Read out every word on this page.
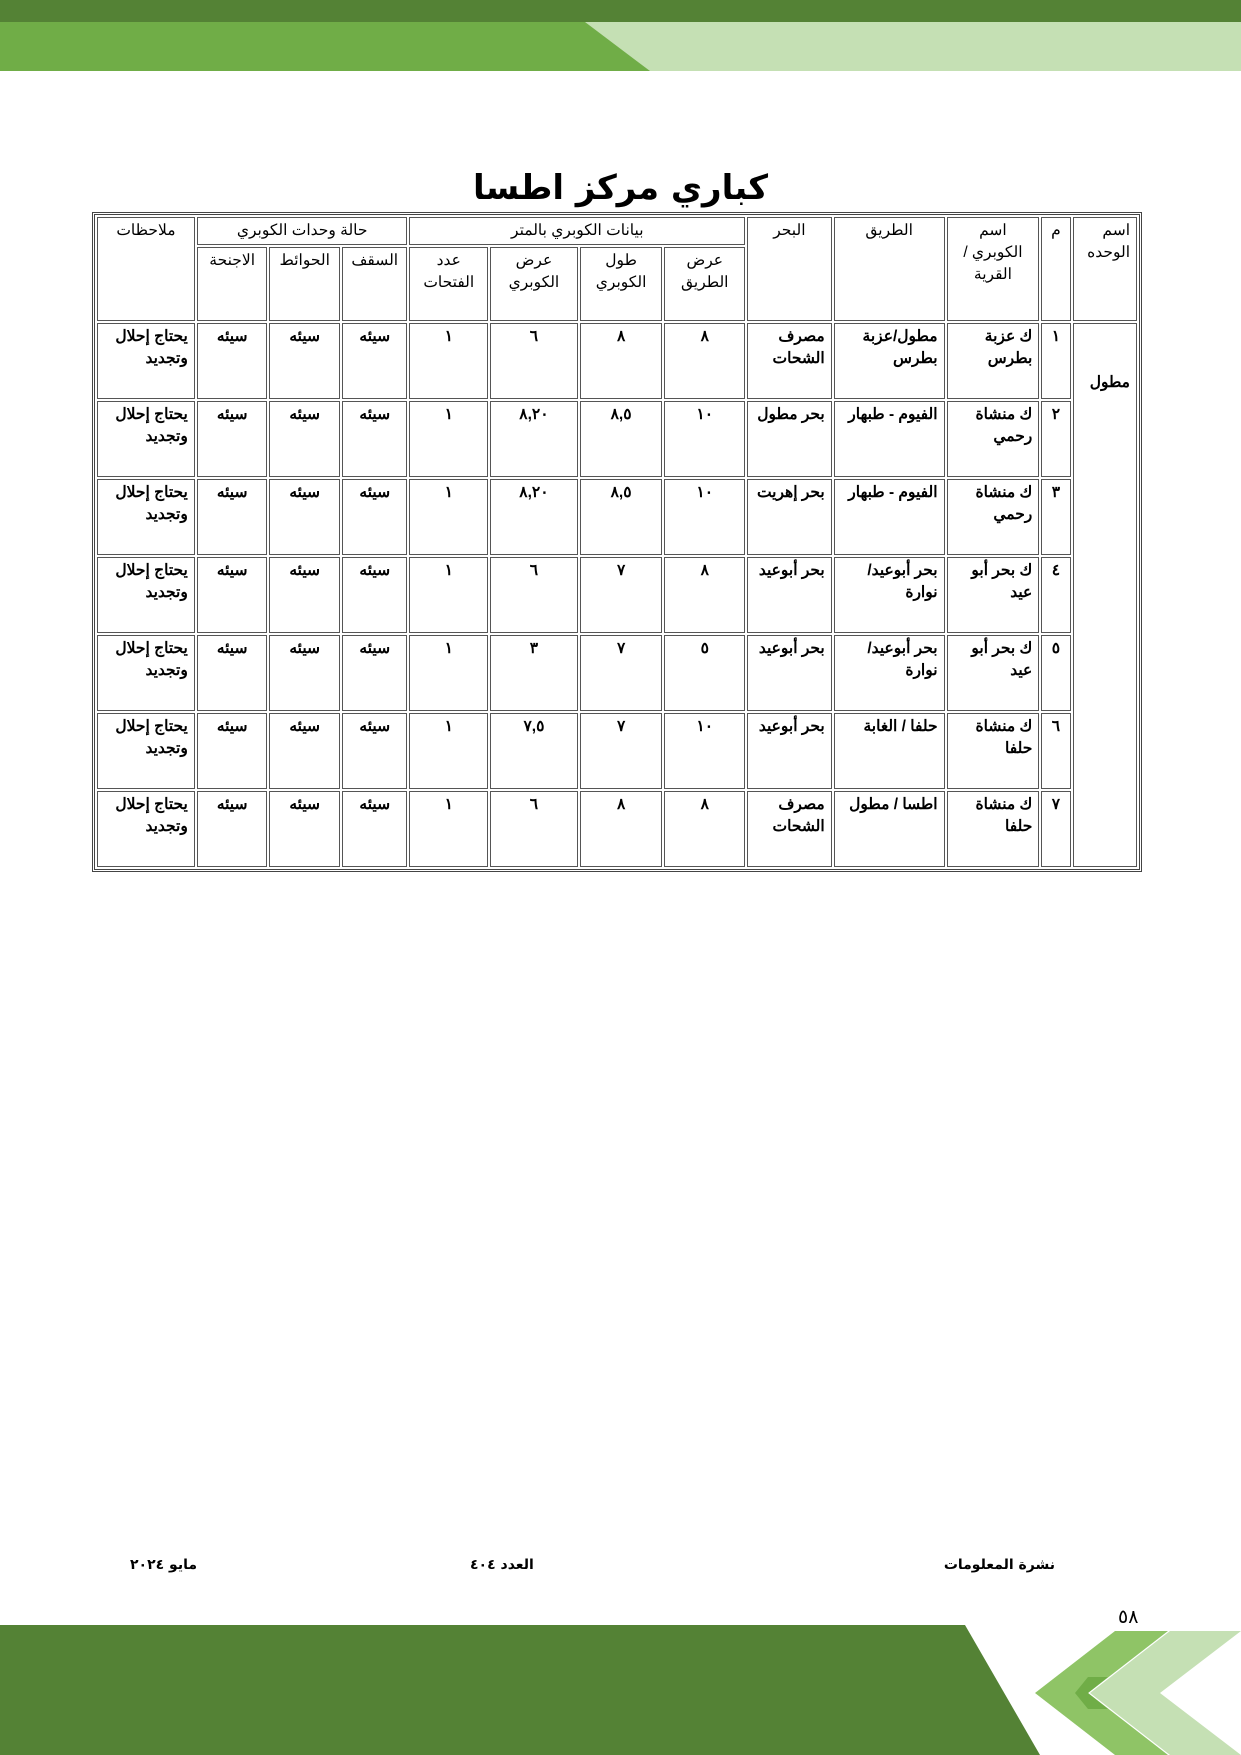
كباري مركز اطسا
اسم الوحده	م	اسم الكوبري /القرية	الطريق	البحر	بيانات الكوبري بالمتر				حالة وحدات الكوبري			ملاحظات
					عرض الطريق	طول الكوبري	عرض الكوبري	عدد الفتحات	السقف	الحوائط	الاجنحة	
مطول	١	ك عزبة بطرس	مطول/عزبة بطرس	مصرف الشحات	٨	٨	٦	١	سيئه	سيئه	سيئه	يحتاج إحلال وتجديد
	٢	ك منشاة رحمي	الفيوم - طبهار	بحر مطول	١٠	٨,٥	٨,٢٠	١	سيئه	سيئه	سيئه	يحتاج إحلال وتجديد
	٣	ك منشاة رحمي	الفيوم - طبهار	بحر إهريت	١٠	٨,٥	٨,٢٠	١	سيئه	سيئه	سيئه	يحتاج إحلال وتجديد
	٤	ك بحر أبو عيد	بحر أبوعيد/ نوارة	بحر أبوعيد	٨	٧	٦	١	سيئه	سيئه	سيئه	يحتاج إحلال وتجديد
	٥	ك بحر أبو عيد	بحر أبوعيد/ نوارة	بحر أبوعيد	٥	٧	٣	١	سيئه	سيئه	سيئه	يحتاج إحلال وتجديد
	٦	ك منشاة حلفا	حلفا / الغابة	بحر أبوعيد	١٠	٧	٧,٥	١	سيئه	سيئه	سيئه	يحتاج إحلال وتجديد
	٧	ك منشاة حلفا	اطسا / مطول	مصرف الشحات	٨	٨	٦	١	سيئه	سيئه	سيئه	يحتاج إحلال وتجديد
نشرة المعلومات
العدد ٤٠٤
مايو ٢٠٢٤
٥٨
